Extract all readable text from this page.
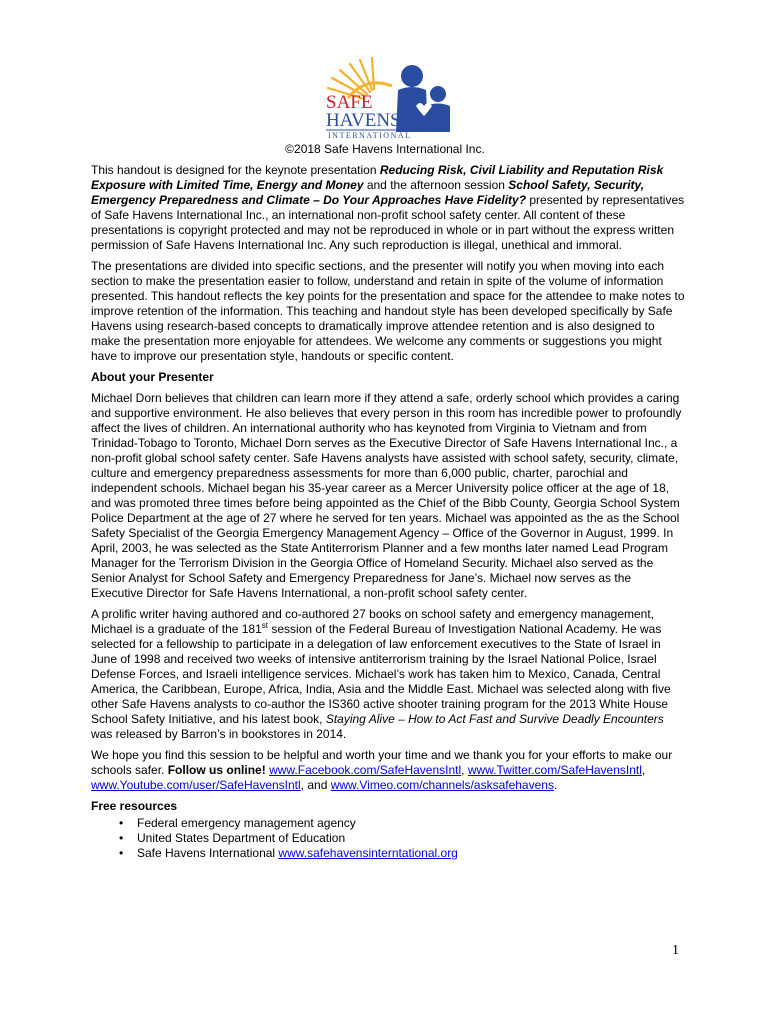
SAFE
HAVENS
INTERNATIONAL
©2018 Safe Havens International Inc.

This handout is designed for the keynote presentation Reducing Risk, Civil Liability and Reputation Risk Exposure with Limited Time, Energy and Money and the afternoon session School Safety, Security, Emergency Preparedness and Climate – Do Your Approaches Have Fidelity? presented by representatives of Safe Havens International Inc., an international non-profit school safety center. All content of these presentations is copyright protected and may not be reproduced in whole or in part without the express written permission of Safe Havens International Inc. Any such reproduction is illegal, unethical and immoral.

The presentations are divided into specific sections, and the presenter will notify you when moving into each section to make the presentation easier to follow, understand and retain in spite of the volume of information presented. This handout reflects the key points for the presentation and space for the attendee to make notes to improve retention of the information. This teaching and handout style has been developed specifically by Safe Havens using research-based concepts to dramatically improve attendee retention and is also designed to make the presentation more enjoyable for attendees. We welcome any comments or suggestions you might have to improve our presentation style, handouts or specific content.

About your Presenter

Michael Dorn believes that children can learn more if they attend a safe, orderly school which provides a caring and supportive environment. He also believes that every person in this room has incredible power to profoundly affect the lives of children. An international authority who has keynoted from Virginia to Vietnam and from Trinidad-Tobago to Toronto, Michael Dorn serves as the Executive Director of Safe Havens International Inc., a non-profit global school safety center. Safe Havens analysts have assisted with school safety, security, climate, culture and emergency preparedness assessments for more than 6,000 public, charter, parochial and independent schools. Michael began his 35-year career as a Mercer University police officer at the age of 18, and was promoted three times before being appointed as the Chief of the Bibb County, Georgia School System Police Department at the age of 27 where he served for ten years. Michael was appointed as the as the School Safety Specialist of the Georgia Emergency Management Agency – Office of the Governor in August, 1999. In April, 2003, he was selected as the State Antiterrorism Planner and a few months later named Lead Program Manager for the Terrorism Division in the Georgia Office of Homeland Security. Michael also served as the Senior Analyst for School Safety and Emergency Preparedness for Jane’s. Michael now serves as the Executive Director for Safe Havens International, a non-profit school safety center.

A prolific writer having authored and co-authored 27 books on school safety and emergency management, Michael is a graduate of the 181st session of the Federal Bureau of Investigation National Academy. He was selected for a fellowship to participate in a delegation of law enforcement executives to the State of Israel in June of 1998 and received two weeks of intensive antiterrorism training by the Israel National Police, Israel Defense Forces, and Israeli intelligence services. Michael’s work has taken him to Mexico, Canada, Central America, the Caribbean, Europe, Africa, India, Asia and the Middle East. Michael was selected along with five other Safe Havens analysts to co-author the IS360 active shooter training program for the 2013 White House School Safety Initiative, and his latest book, Staying Alive – How to Act Fast and Survive Deadly Encounters was released by Barron’s in bookstores in 2014.

We hope you find this session to be helpful and worth your time and we thank you for your efforts to make our schools safer. Follow us online! www.Facebook.com/SafeHavensIntl, www.Twitter.com/SafeHavensIntl, www.Youtube.com/user/SafeHavensIntl, and www.Vimeo.com/channels/asksafehavens.

Free resources
• Federal emergency management agency
• United States Department of Education
• Safe Havens International www.safehavensinterntational.org
1
